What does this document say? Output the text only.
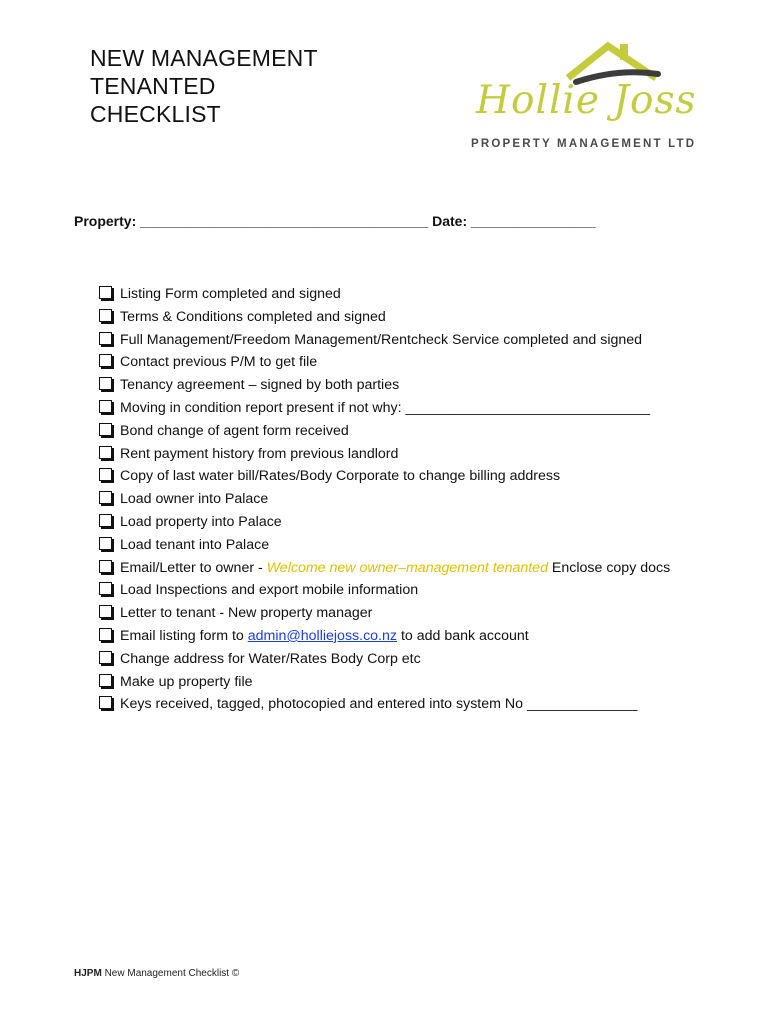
NEW MANAGEMENT
TENANTED
CHECKLIST	Hollie Joss
PROPERTY MANAGEMENT LTD
Property: _____________________________________ Date: ________________
Listing Form completed and signed
Terms & Conditions completed and signed
Full Management/Freedom Management/Rentcheck Service completed and signed
Contact previous P/M to get file
Tenancy agreement – signed by both parties
Moving in condition report present if not why: _______________________________
Bond change of agent form received
Rent payment history from previous landlord
Copy of last water bill/Rates/Body Corporate to change billing address
Load owner into Palace
Load property into Palace
Load tenant into Palace
Email/Letter to owner - Welcome new owner–management tenanted Enclose copy docs
Load Inspections and export mobile information
Letter to tenant - New property manager
Email listing form to admin@holliejoss.co.nz to add bank account
Change address for Water/Rates Body Corp etc
Make up property file
Keys received, tagged, photocopied and entered into system No ______________
HJPM New Management Checklist ©
